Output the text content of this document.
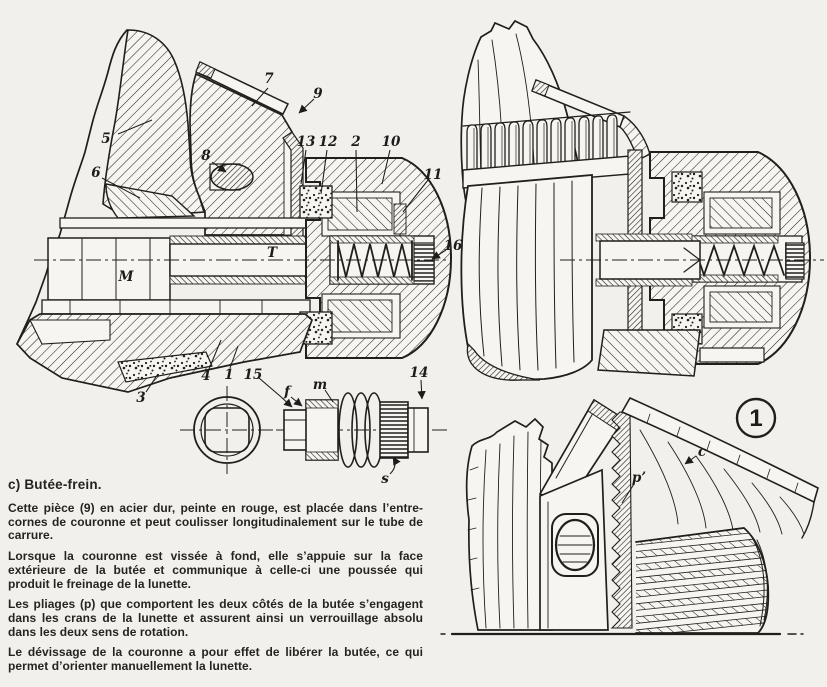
1
5
6
7
8
9
13 12 2 10
11
16
M
T
1
4
3
15
f m
14
s
c
p’
c) Butée-frein.

Cette pièce (9) en acier dur, peinte en rouge, est placée dans l’entre-cornes de couronne et peut coulisser longitudinalement sur le tube de carrure.

Lorsque la couronne est vissée à fond, elle s’appuie sur la face extérieure de la butée et communique à celle-ci une poussée qui produit le freinage de la lunette.

Les pliages (p) que comportent les deux côtés de la butée s’engagent dans les crans de la lunette et assurent ainsi un verrouillage absolu dans les deux sens de rotation.

Le dévissage de la couronne a pour effet de libérer la butée, ce qui permet d’orienter manuellement la lunette.
